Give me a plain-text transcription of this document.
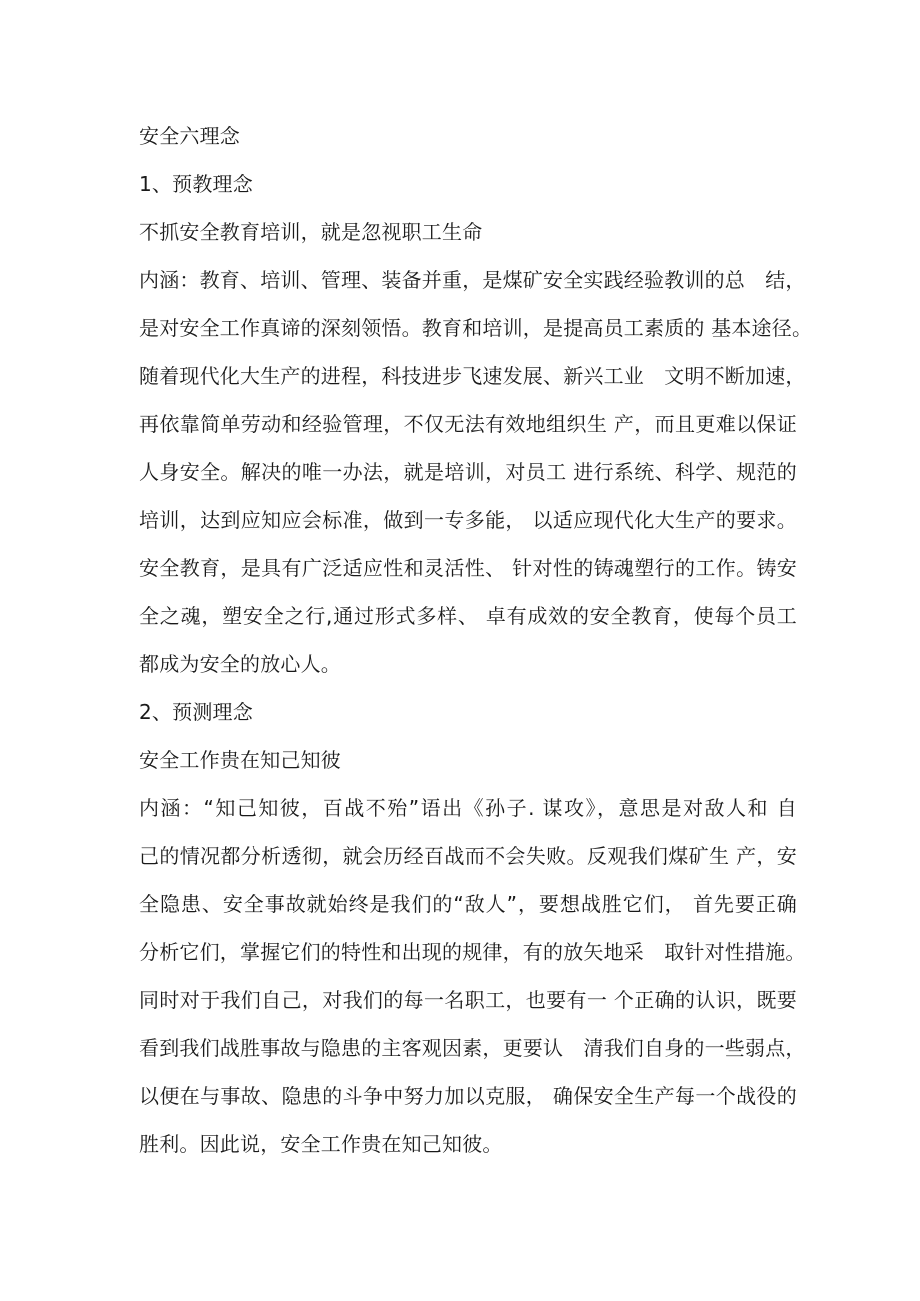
安全六理念
1、预教理念
不抓安全教育培训，就是忽视职工生命
内涵：教育、培训、管理、装备并重，是煤矿安全实践经验教训的总　结，
是对安全工作真谛的深刻领悟。教育和培训，是提高员工素质的 基本途径。
随着现代化大生产的进程，科技进步飞速发展、新兴工业　文明不断加速，
再依靠简单劳动和经验管理，不仅无法有效地组织生 产，而且更难以保证
人身安全。解决的唯一办法，就是培训，对员工 进行系统、科学、规范的
培训，达到应知应会标准，做到一专多能， 以适应现代化大生产的要求。
安全教育，是具有广泛适应性和灵活性、 针对性的铸魂塑行的工作。铸安
全之魂，塑安全之行,通过形式多样、 卓有成效的安全教育，使每个员工
都成为安全的放心人。
2、预测理念
安全工作贵在知己知彼
内涵：“知己知彼，百战不殆”语出《孙子. 谋攻》，意思是对敌人和 自
己的情况都分析透彻，就会历经百战而不会失败。反观我们煤矿生 产，安
全隐患、安全事故就始终是我们的“敌人”，要想战胜它们， 首先要正确
分析它们，掌握它们的特性和出现的规律，有的放矢地采　取针对性措施。
同时对于我们自己，对我们的每一名职工，也要有一 个正确的认识，既要
看到我们战胜事故与隐患的主客观因素，更要认　清我们自身的一些弱点，
以便在与事故、隐患的斗争中努力加以克服， 确保安全生产每一个战役的
胜利。因此说，安全工作贵在知己知彼。
